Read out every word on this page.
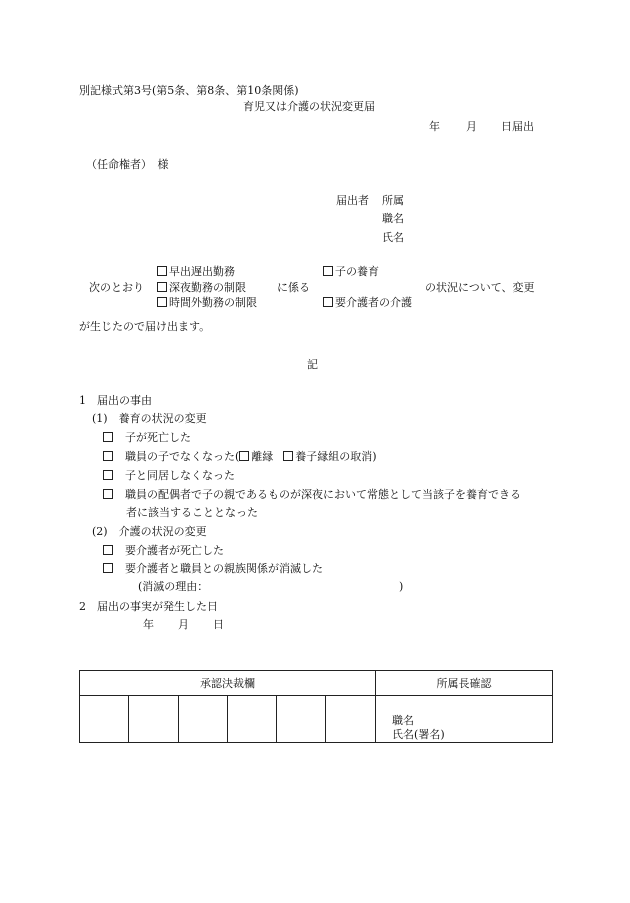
別記様式第3号(第5条、第8条、第10条関係)
育児又は介護の状況変更届
年 月 日届出
（任命権者）　様
届出者 所属
職名
氏名
早出遅出勤務
次のとおり	深夜勤務の制限
時間外勤務の制限
に係る
子の養育
要介護者の介護
の状況について、変更
が生じたので届け出ます。
記
1　届出の事由
(1)　養育の状況の変更
子が死亡した
職員の子でなくなった( 離縁 養子縁組の取消)
子と同居しなくなった
職員の配偶者で子の親であるものが深夜において常態として当該子を養育できる
者に該当することとなった
(2)　介護の状況の変更
要介護者が死亡した
要介護者と職員との親族関係が消滅した
(消滅の理由：	)
2　届出の事実が発生した日
年 月 日
承認決裁欄						所属長確認

						職名
氏名(署名)
